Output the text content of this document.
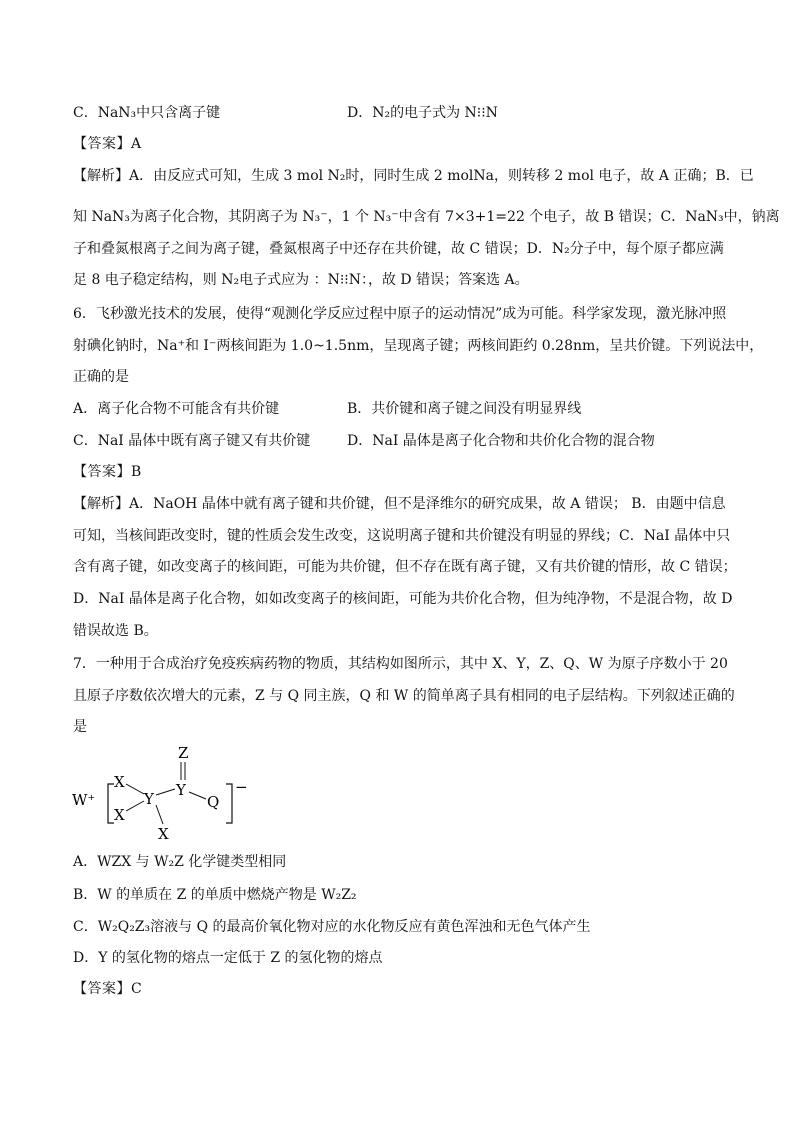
C．NaN₃中只含离子键	D．N₂的电子式为 N⁝⁝N
【答案】A
【解析】A．由反应式可知，生成 3 mol N₂时，同时生成 2 molNa，则转移 2 mol 电子，故 A 正确；B．已
知 NaN₃为离子化合物，其阴离子为 N₃⁻，1 个 N₃⁻中含有 7×3+1=22 个电子，故 B 错误；C．NaN₃中，钠离
子和叠氮根离子之间为离子键，叠氮根离子中还存在共价键，故 C 错误；D．N₂分子中，每个原子都应满
足 8 电子稳定结构，则 N₂电子式应为 ：N⁝⁝N：，故 D 错误；答案选 A。
6．飞秒激光技术的发展，使得“观测化学反应过程中原子的运动情况”成为可能。科学家发现，激光脉冲照
射碘化钠时，Na⁺和 I⁻两核间距为 1.0~1.5nm，呈现离子键；两核间距约 0.28nm，呈共价键。下列说法中，
正确的是
A．离子化合物不可能含有共价键	B．共价键和离子键之间没有明显界线
C．NaI 晶体中既有离子键又有共价键	D．NaI 晶体是离子化合物和共价化合物的混合物
【答案】B
【解析】A．NaOH 晶体中就有离子键和共价键，但不是泽维尔的研究成果，故 A 错误； B．由题中信息
可知，当核间距改变时，键的性质会发生改变，这说明离子键和共价键没有明显的界线；C．NaI 晶体中只
含有离子键，如改变离子的核间距，可能为共价键，但不存在既有离子键，又有共价键的情形，故 C 错误；
D．NaI 晶体是离子化合物，如如改变离子的核间距，可能为共价化合物，但为纯净物，不是混合物，故 D
错误故选 B。
7．一种用于合成治疗免疫疾病药物的物质，其结构如图所示，其中 X、Y，Z、Q、W 为原子序数小于 20
且原子序数依次增大的元素，Z 与 Q 同主族，Q 和 W 的简单离子具有相同的电子层结构。下列叙述正确的
是
W⁺
X
X
Y
X
Y
Z
Q
−
A．WZX 与 W₂Z 化学键类型相同
B．W 的单质在 Z 的单质中燃烧产物是 W₂Z₂
C．W₂Q₂Z₃溶液与 Q 的最高价氧化物对应的水化物反应有黄色浑浊和无色气体产生
D．Y 的氢化物的熔点一定低于 Z 的氢化物的熔点
【答案】C
